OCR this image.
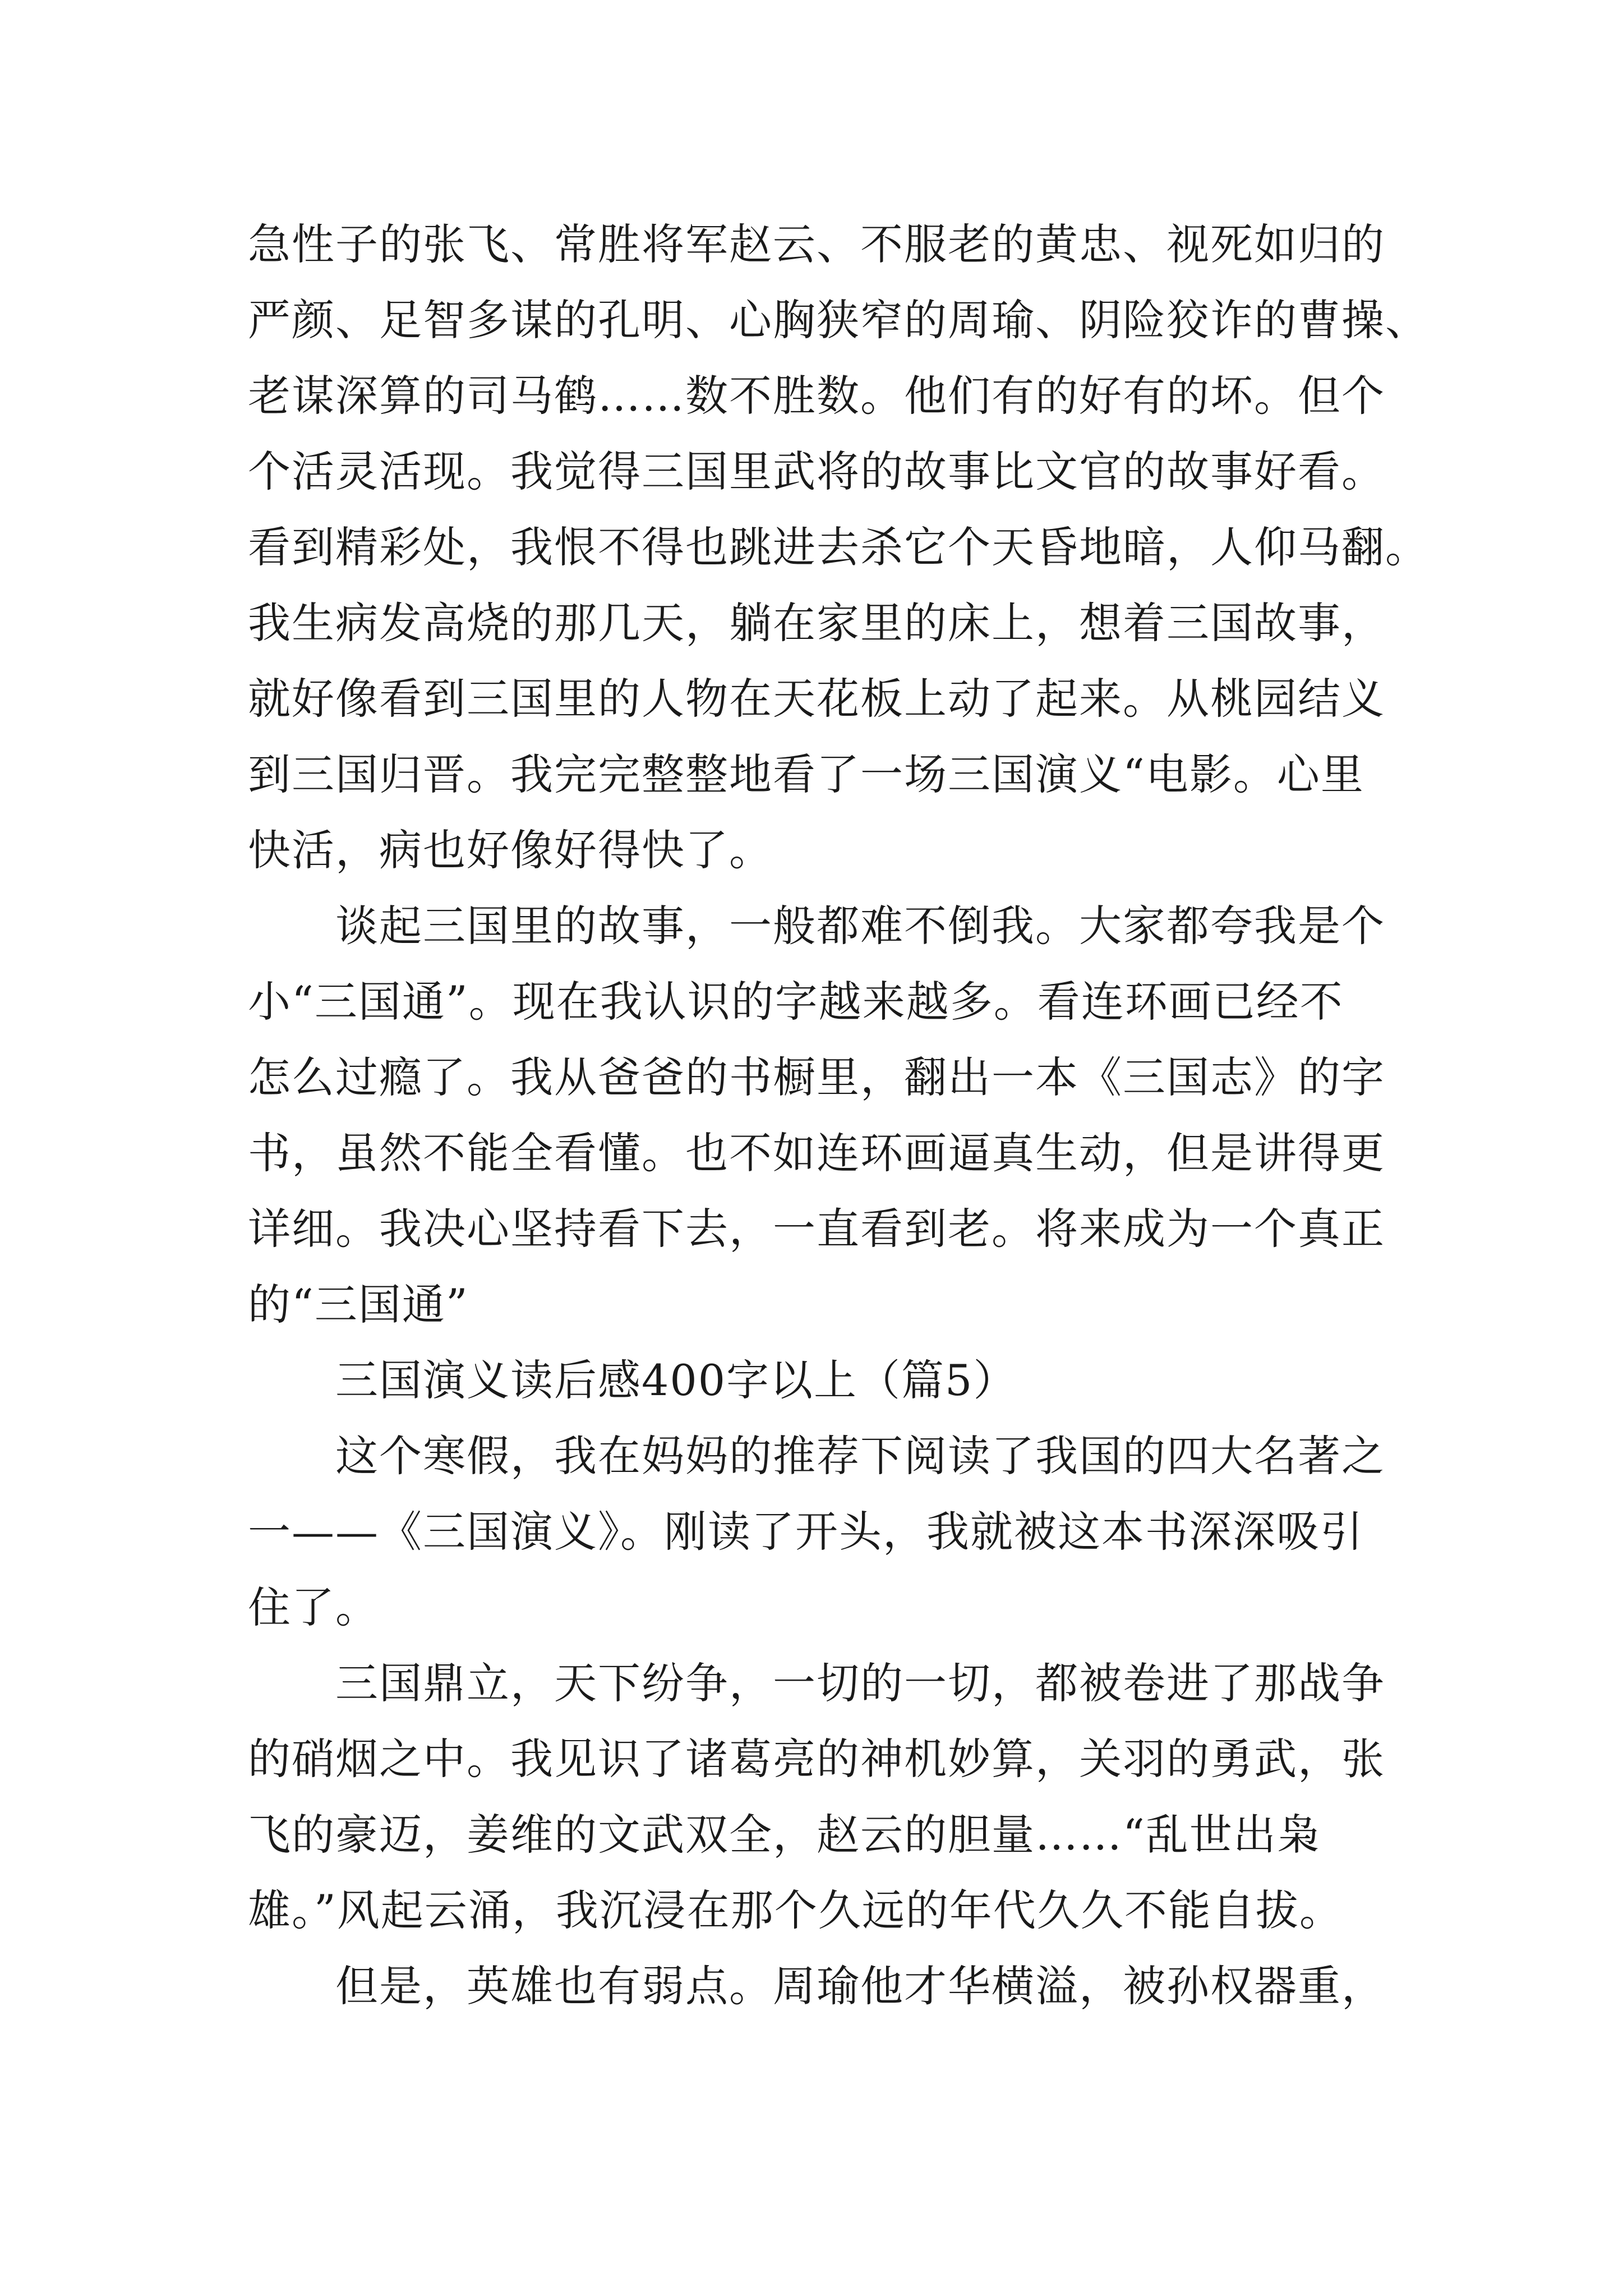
急性子的张飞、常胜将军赵云、不服老的黄忠、视死如归的
严颜、足智多谋的孔明、心胸狭窄的周瑜、阴险狡诈的曹操、
老谋深算的司马鹤……数不胜数。他们有的好有的坏。但个
个活灵活现。我觉得三国里武将的故事比文官的故事好看。
看到精彩处，我恨不得也跳进去杀它个天昏地暗，人仰马翻。
我生病发高烧的那几天，躺在家里的床上，想着三国故事，
就好像看到三国里的人物在天花板上动了起来。从桃园结义
到三国归晋。我完完整整地看了一场三国演义“电影。心里
快活，病也好像好得快了。
谈起三国里的故事，一般都难不倒我。大家都夸我是个
小“三国通”。现在我认识的字越来越多。看连环画已经不
怎么过瘾了。我从爸爸的书橱里，翻出一本《三国志》的字
书，虽然不能全看懂。也不如连环画逼真生动，但是讲得更
详细。我决心坚持看下去，一直看到老。将来成为一个真正
的“三国通”
三国演义读后感400字以上（篇5）
这个寒假，我在妈妈的推荐下阅读了我国的四大名著之
一——《三国演义》。刚读了开头，我就被这本书深深吸引
住了。
三国鼎立，天下纷争，一切的一切，都被卷进了那战争
的硝烟之中。我见识了诸葛亮的神机妙算，关羽的勇武，张
飞的豪迈，姜维的文武双全，赵云的胆量……“乱世出枭
雄。”风起云涌，我沉浸在那个久远的年代久久不能自拔。
但是，英雄也有弱点。周瑜他才华横溢，被孙权器重，
